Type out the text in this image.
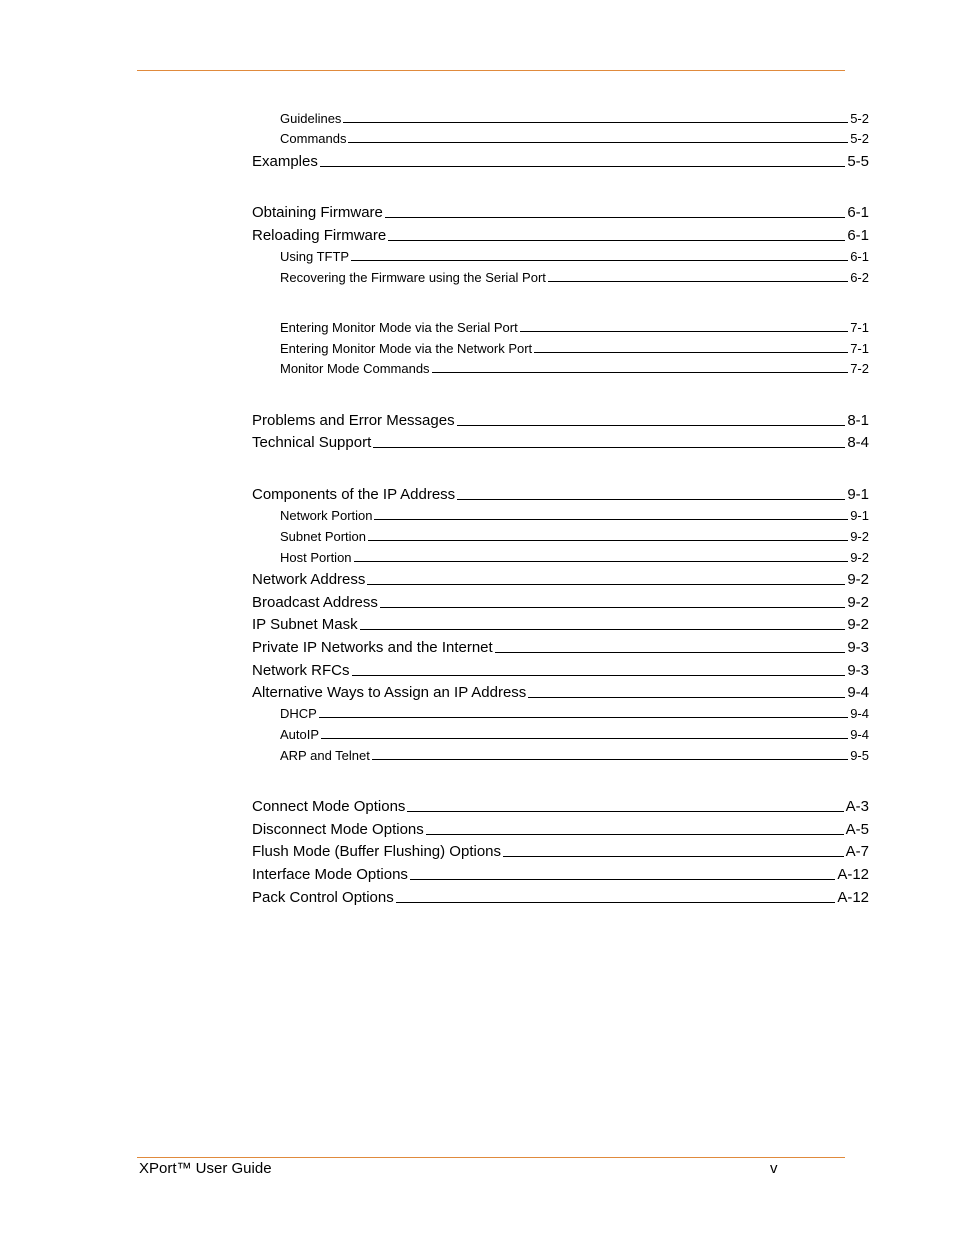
Guidelines	5-2
Commands	5-2
Examples	5-5
Obtaining Firmware	6-1
Reloading Firmware	6-1
Using TFTP	6-1
Recovering the Firmware using the Serial Port	6-2
Entering Monitor Mode via the Serial Port	7-1
Entering Monitor Mode via the Network Port	7-1
Monitor Mode Commands	7-2
Problems and Error Messages	8-1
Technical Support	8-4
Components of the IP Address	9-1
Network Portion	9-1
Subnet Portion	9-2
Host Portion	9-2
Network Address	9-2
Broadcast Address	9-2
IP Subnet Mask	9-2
Private IP Networks and the Internet	9-3
Network RFCs	9-3
Alternative Ways to Assign an IP Address	9-4
DHCP	9-4
AutoIP	9-4
ARP and Telnet	9-5
Connect Mode Options	A-3
Disconnect Mode Options	A-5
Flush Mode (Buffer Flushing) Options	A-7
Interface Mode Options	A-12
Pack Control Options	A-12
XPort™ User Guide	v
